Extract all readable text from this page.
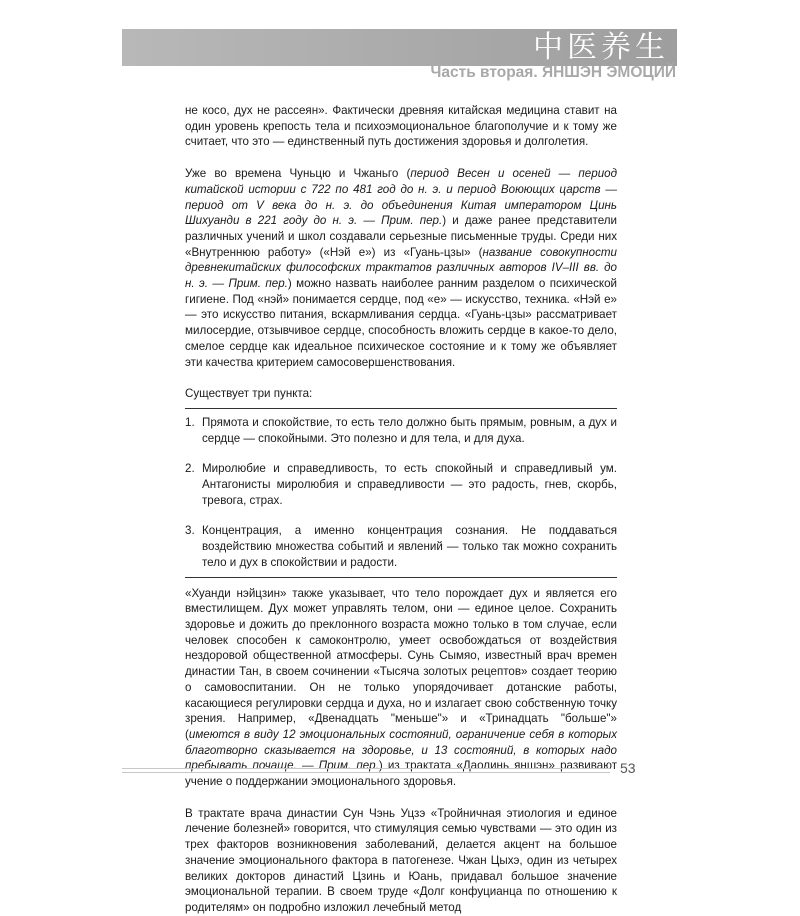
中医养生
Часть вторая. ЯНШЭН ЭМОЦИЙ

не косо, дух не рассеян». Фактически древняя китайская медицина ставит на один уровень крепость тела и психоэмоциональное благополучие и к тому же считает, что это — единственный путь достижения здоровья и долголетия.

Уже во времена Чуньцю и Чжаньго (период Весен и осеней — период китайской истории с 722 по 481 год до н. э. и период Воюющих царств — период от V века до н. э. до объединения Китая императором Цинь Шихуанди в 221 году до н. э. — Прим. пер.) и даже ранее представители различных учений и школ создавали серьезные письменные труды. Среди них «Внутреннюю работу» («Нэй е») из «Гуань-цзы» (название совокупности древнекитайских философских трактатов различных авторов IV–III вв. до н. э. — Прим. пер.) можно назвать наиболее ранним разделом о психической гигиене. Под «нэй» понимается сердце, под «е» — искусство, техника. «Нэй е» — это искусство питания, вскармливания сердца. «Гуань-цзы» рассматривает милосердие, отзывчивое сердце, способность вложить сердце в какое-то дело, смелое сердце как идеальное психическое состояние и к тому же объявляет эти качества критерием самосовершенствования.

Существует три пункта:

1. Прямота и спокойствие, то есть тело должно быть прямым, ровным, а дух и сердце — спокойными. Это полезно и для тела, и для духа.
2. Миролюбие и справедливость, то есть спокойный и справедливый ум. Антагонисты миролюбия и справедливости — это радость, гнев, скорбь, тревога, страх.
3. Концентрация, а именно концентрация сознания. Не поддаваться воздействию множества событий и явлений — только так можно сохранить тело и дух в спокойствии и радости.

«Хуанди нэйцзин» также указывает, что тело порождает дух и является его вместилищем. Дух может управлять телом, они — единое целое. Сохранить здоровье и дожить до преклонного возраста можно только в том случае, если человек способен к самоконтролю, умеет освобождаться от воздействия нездоровой общественной атмосферы. Сунь Сымяо, известный врач времен династии Тан, в своем сочинении «Тысяча золотых рецептов» создает теорию о самовоспитании. Он не только упорядочивает дотанские работы, касающиеся регулировки сердца и духа, но и излагает свою собственную точку зрения. Например, «Двенадцать "меньше"» и «Тринадцать "больше"» (имеются в виду 12 эмоциональных состояний, ограничение себя в которых благотворно сказывается на здоровье, и 13 состояний, в которых надо пребывать почаще. — Прим. пер.) из трактата «Даолинь яншэн» развивают учение о поддержании эмоционального здоровья.

В трактате врача династии Сун Чэнь Уцзэ «Тройничная этиология и единое лечение болезней» говорится, что стимуляция семью чувствами — это один из трех факторов возникновения заболеваний, делается акцент на большое значение эмоционального фактора в патогенезе. Чжан Цыхэ, один из четырех великих докторов династий Цзинь и Юань, придавал большое значение эмоциональной терапии. В своем труде «Долг конфуцианца по отношению к родителям» он подробно изложил лечебный метод

53
